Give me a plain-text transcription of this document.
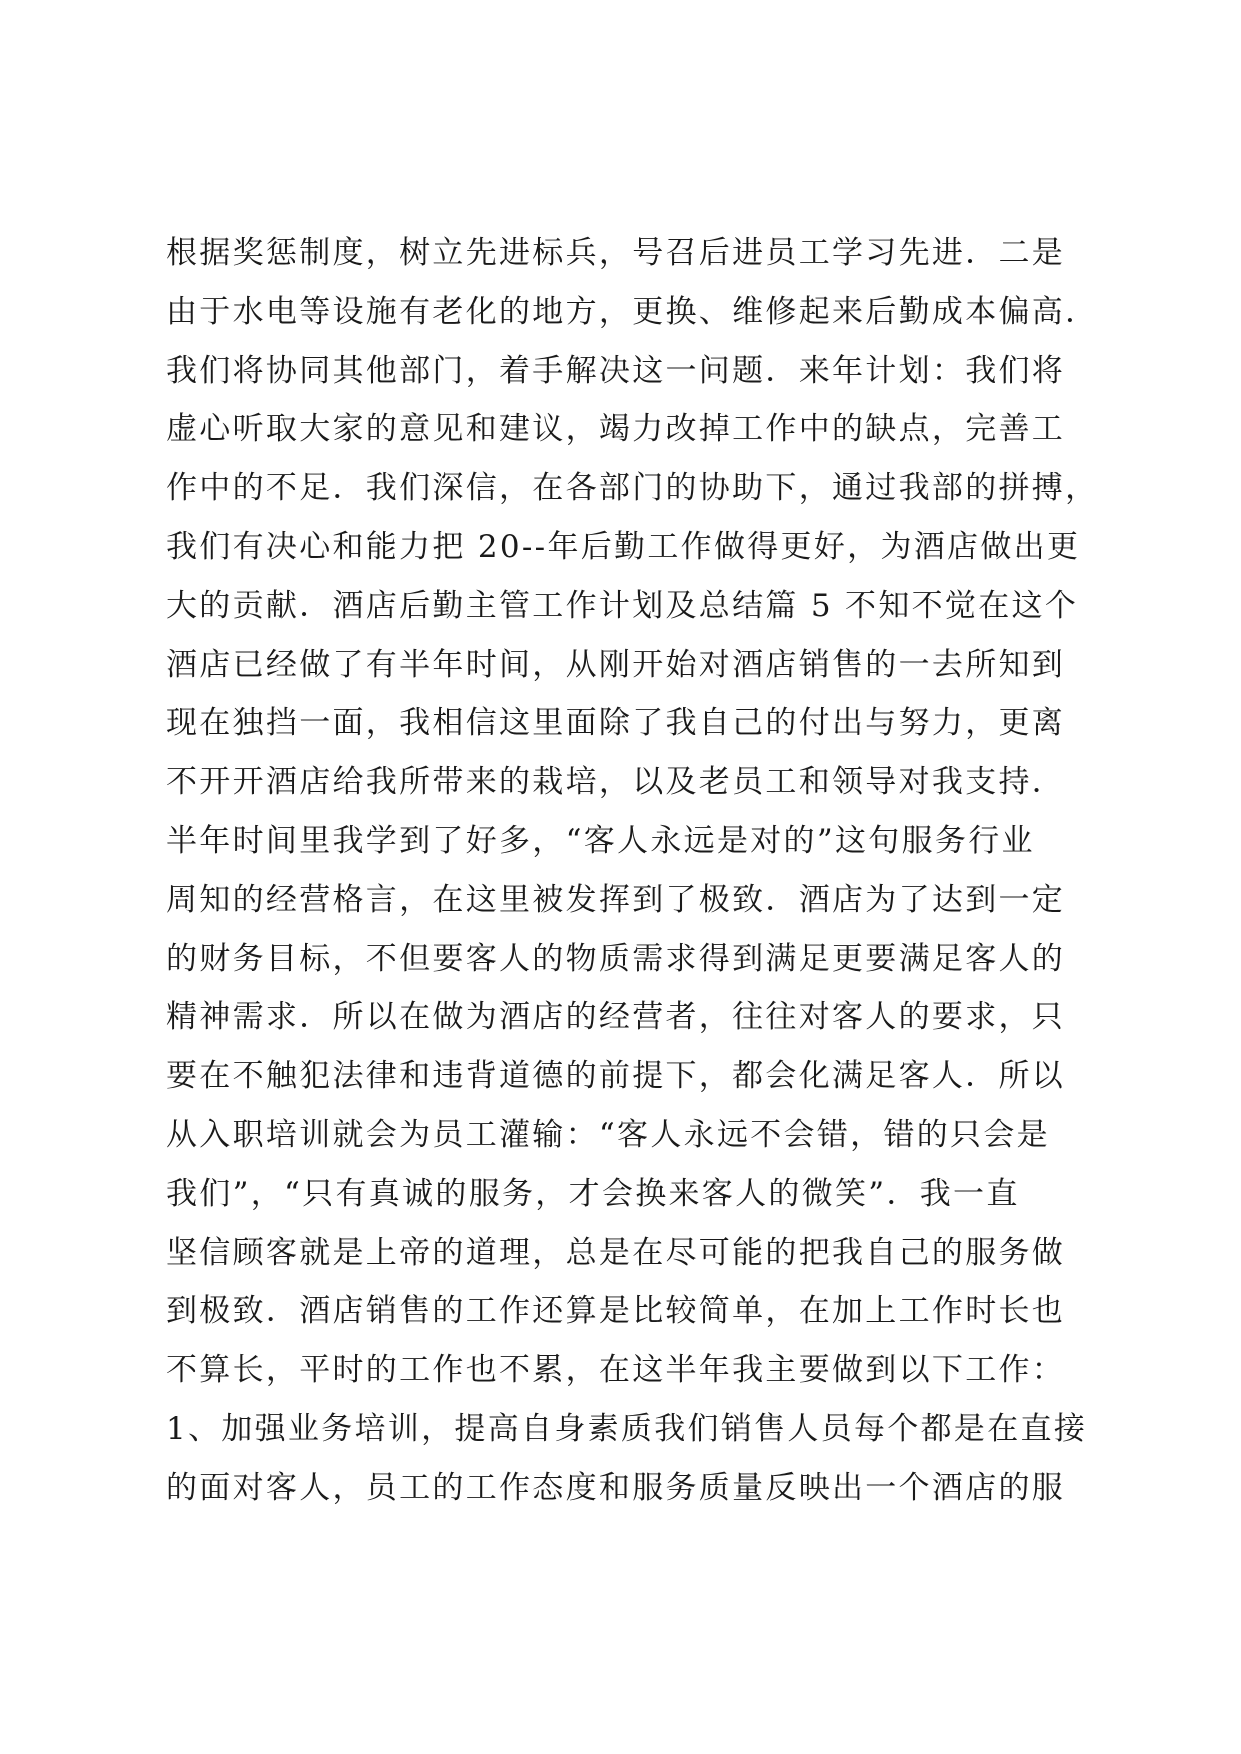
根据奖惩制度，树立先进标兵，号召后进员工学习先进．二是
由于水电等设施有老化的地方，更换、维修起来后勤成本偏高．
我们将协同其他部门，着手解决这一问题．来年计划：我们将
虚心听取大家的意见和建议，竭力改掉工作中的缺点，完善工
作中的不足．我们深信，在各部门的协助下，通过我部的拼搏，
我们有决心和能力把 20--年后勤工作做得更好，为酒店做出更
大的贡献．酒店后勤主管工作计划及总结篇 5 不知不觉在这个
酒店已经做了有半年时间，从刚开始对酒店销售的一去所知到
现在独挡一面，我相信这里面除了我自己的付出与努力，更离
不开开酒店给我所带来的栽培，以及老员工和领导对我支持．
半年时间里我学到了好多，“客人永远是对的”这句服务行业
周知的经营格言，在这里被发挥到了极致．酒店为了达到一定
的财务目标，不但要客人的物质需求得到满足更要满足客人的
精神需求．所以在做为酒店的经营者，往往对客人的要求，只
要在不触犯法律和违背道德的前提下，都会化满足客人．所以
从入职培训就会为员工灌输：“客人永远不会错，错的只会是
我们”，“只有真诚的服务，才会换来客人的微笑”．我一直
坚信顾客就是上帝的道理，总是在尽可能的把我自己的服务做
到极致．酒店销售的工作还算是比较简单，在加上工作时长也
不算长，平时的工作也不累，在这半年我主要做到以下工作：
1、加强业务培训，提高自身素质我们销售人员每个都是在直接
的面对客人，员工的工作态度和服务质量反映出一个酒店的服
